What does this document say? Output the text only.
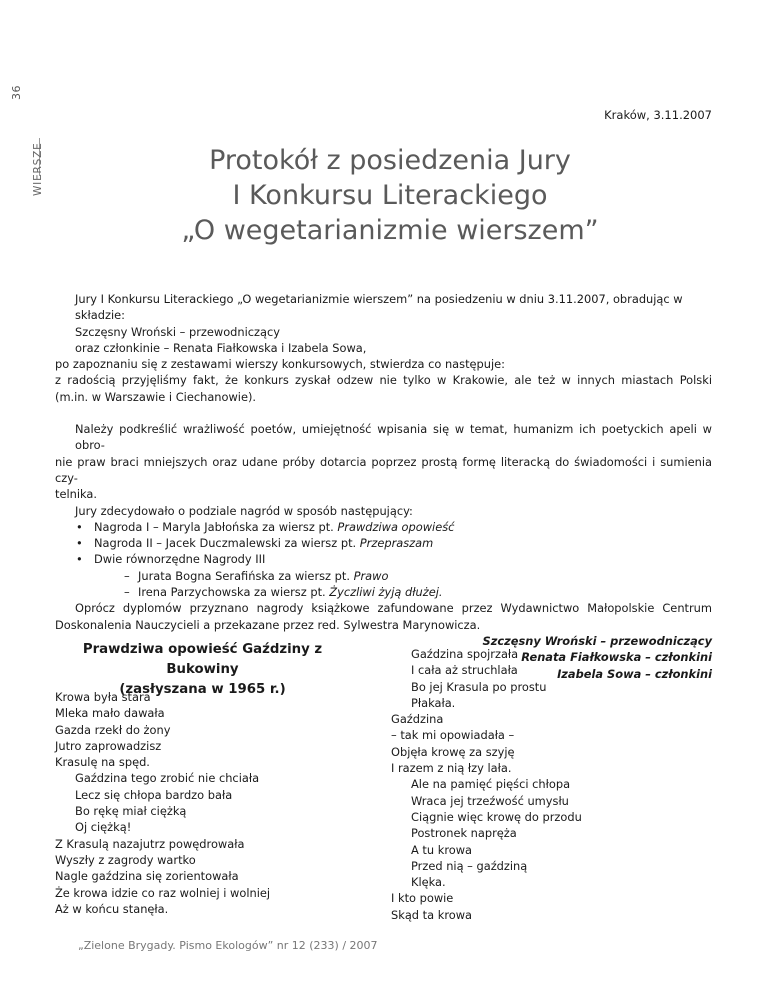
36
WIERSZE
Kraków, 3.11.2007
Protokół z posiedzenia Jury
I Konkursu Literackiego
„O wegetarianizmie wierszem”

Jury I Konkursu Literackiego „O wegetarianizmie wierszem” na posiedzeniu w dniu 3.11.2007, obradując w składzie:

Szczęsny Wroński – przewodniczący

oraz członkinie – Renata Fiałkowska i Izabela Sowa,

po zapoznaniu się z zestawami wierszy konkursowych, stwierdza co następuje:

z radością przyjęliśmy fakt, że konkurs zyskał odzew nie tylko w Krakowie, ale też w innych miastach Polski

(m.in. w Warszawie i Ciechanowie).

Należy podkreślić wrażliwość poetów, umiejętność wpisania się w temat, humanizm ich poetyckich apeli w obro-

nie praw braci mniejszych oraz udane próby dotarcia poprzez prostą formę literacką do świadomości i sumienia czy-

telnika.

Jury zdecydowało o podziale nagród w sposób następujący:

• Nagroda I – Maryla Jabłońska za wiersz pt. Prawdziwa opowieść

• Nagroda II – Jacek Duczmalewski za wiersz pt. Przepraszam

• Dwie równorzędne Nagrody III

– Jurata Bogna Serafińska za wiersz pt. Prawo

– Irena Parzychowska za wiersz pt. Życzliwi żyją dłużej.

Oprócz dyplomów przyznano nagrody książkowe zafundowane przez Wydawnictwo Małopolskie Centrum

Doskonalenia Nauczycieli a przekazane przez red. Sylwestra Marynowicza.

Szczęsny Wroński – przewodniczący

Renata Fiałkowska – członkini

Izabela Sowa – członkini

Prawdziwa opowieść Gaździny z Bukowiny
(zasłyszana w 1965 r.)

Krowa była stara

Mleka mało dawała

Gazda rzekł do żony

Jutro zaprowadzisz

Krasulę na spęd.

Gaździna tego zrobić nie chciała

Lecz się chłopa bardzo bała

Bo rękę miał ciężką

Oj ciężką!

Z Krasulą nazajutrz powędrowała

Wyszły z zagrody wartko

Nagle gaździna się zorientowała

Że krowa idzie co raz wolniej i wolniej

Aż w końcu stanęła.

Gaździna spojrzała

I cała aż struchlała

Bo jej Krasula po prostu

Płakała.

Gaździna

– tak mi opowiadała –

Objęła krowę za szyję

I razem z nią łzy lała.

Ale na pamięć pięści chłopa

Wraca jej trzeźwość umysłu

Ciągnie więc krowę do przodu

Postronek napręża

A tu krowa

Przed nią – gaździną

Klęka.

I kto powie

Skąd ta krowa

„Zielone Brygady. Pismo Ekologów” nr 12 (233) / 2007
